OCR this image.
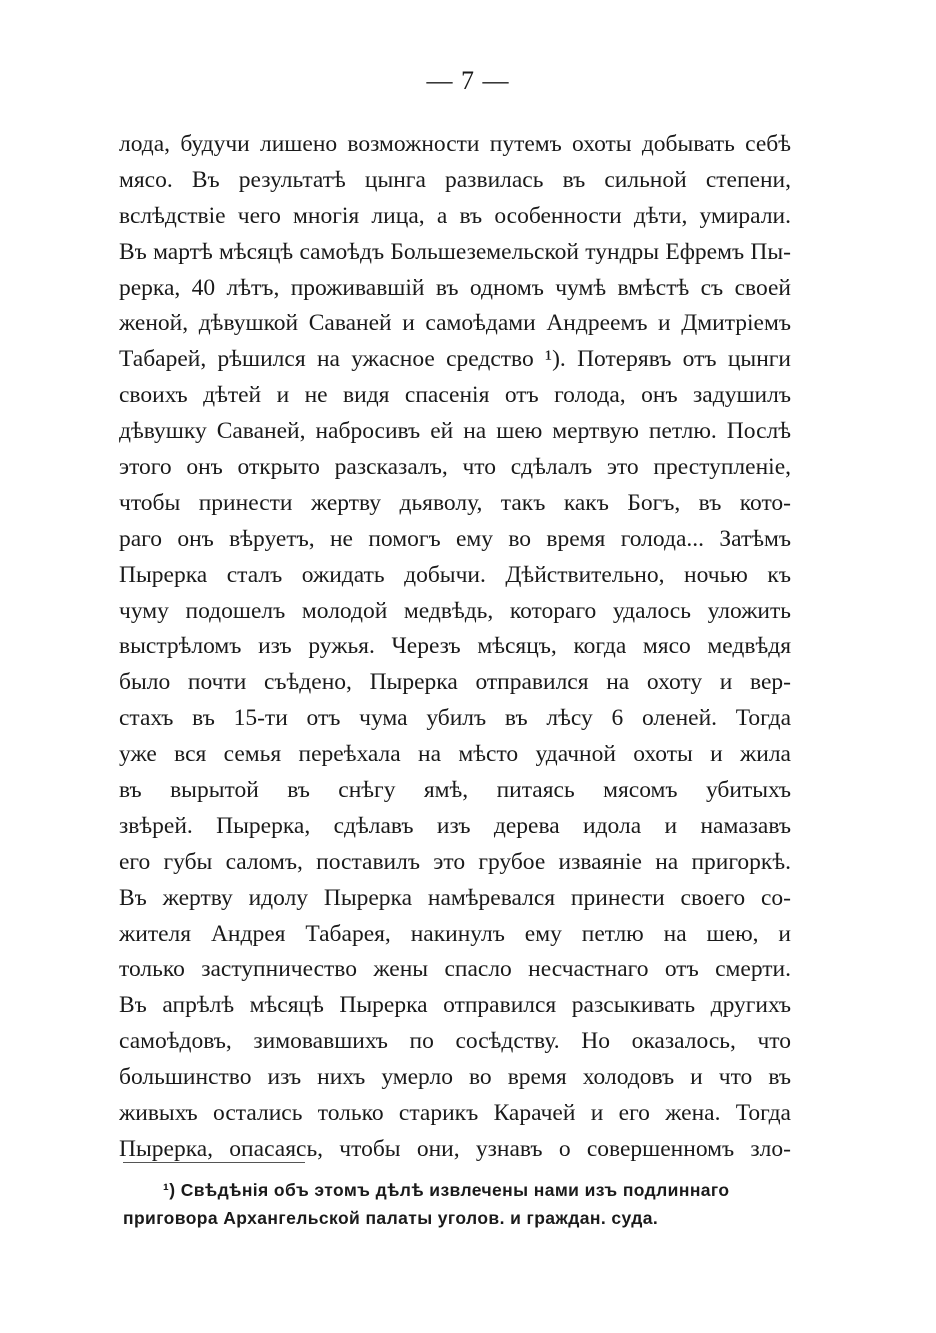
— 7 —
лода, будучи лишено возможности путемъ охоты добывать себѣ
мясо. Въ результатѣ цынга развилась въ сильной степени,
вслѣдствіе чего многія лица, а въ особенности дѣти, умирали.
Въ мартѣ мѣсяцѣ самоѣдъ Большеземельской тундры Ефремъ Пы-
рерка, 40 лѣтъ, проживавшій въ одномъ чумѣ вмѣстѣ съ своей
женой, дѣвушкой Саваней и самоѣдами Андреемъ и Дмитріемъ
Табарей, рѣшился на ужасное средство ¹). Потерявъ отъ цынги
своихъ дѣтей и не видя спасенія отъ голода, онъ задушилъ
дѣвушку Саваней, набросивъ ей на шею мертвую петлю. Послѣ
этого онъ открыто разсказалъ, что сдѣлалъ это преступленіе,
чтобы принести жертву дьяволу, такъ какъ Богъ, въ кото-
раго онъ вѣруетъ, не помогъ ему во время голода... Затѣмъ
Пырерка сталъ ожидать добычи. Дѣйствительно, ночью къ
чуму подошелъ молодой медвѣдь, котораго удалось уложить
выстрѣломъ изъ ружья. Черезъ мѣсяцъ, когда мясо медвѣдя
было почти съѣдено, Пырерка отправился на охоту и вер-
стахъ въ 15-ти отъ чума убилъ въ лѣсу 6 оленей. Тогда
уже вся семья переѣхала на мѣсто удачной охоты и жила
въ вырытой въ снѣгу ямѣ, питаясь мясомъ убитыхъ
звѣрей. Пырерка, сдѣлавъ изъ дерева идола и намазавъ
его губы саломъ, поставилъ это грубое изваяніе на пригоркѣ.
Въ жертву идолу Пырерка намѣревался принести своего со-
жителя Андрея Табарея, накинулъ ему петлю на шею, и
только заступничество жены спасло несчастнаго отъ смерти.
Въ апрѣлѣ мѣсяцѣ Пырерка отправился разсыкивать другихъ
самоѣдовъ, зимовавшихъ по сосѣдству. Но оказалось, что
большинство изъ нихъ умерло во время холодовъ и что въ
живыхъ остались только старикъ Карачей и его жена. Тогда
Пырерка, опасаясь, чтобы они, узнавъ о совершенномъ зло-
¹) Свѣдѣнія объ этомъ дѣлѣ извлечены нами изъ подлиннаго
приговора Архангельской палаты уголов. и граждан. суда.
